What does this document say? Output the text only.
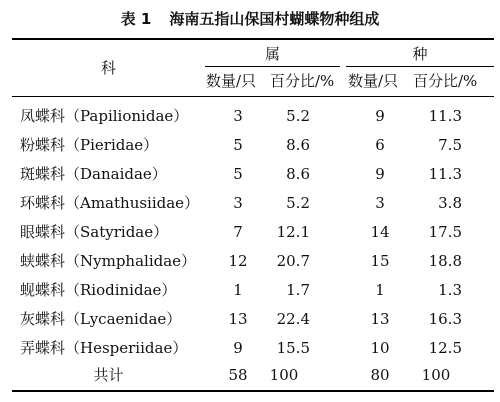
表 1 海南五指山保国村蝴蝶物种组成
科
属	种
数量/只 百分比/% 数量/只 百分比/%
凤蝶科（Papilionidae）	3	5.2	9	11.3
粉蝶科（Pieridae）	5	8.6	6	7.5
斑蝶科（Danaidae）	5	8.6	9	11.3
环蝶科（Amathusiidae）	3	5.2	3	3.8
眼蝶科（Satyridae）	7	12.1	14	17.5
蛱蝶科（Nymphalidae）	12	20.7	15	18.8
蚬蝶科（Riodinidae）	1	1.7	1	1.3
灰蝶科（Lycaenidae）	13	22.4	13	16.3
弄蝶科（Hesperiidae）	9	15.5	10	12.5
共计	58	100	80	100
